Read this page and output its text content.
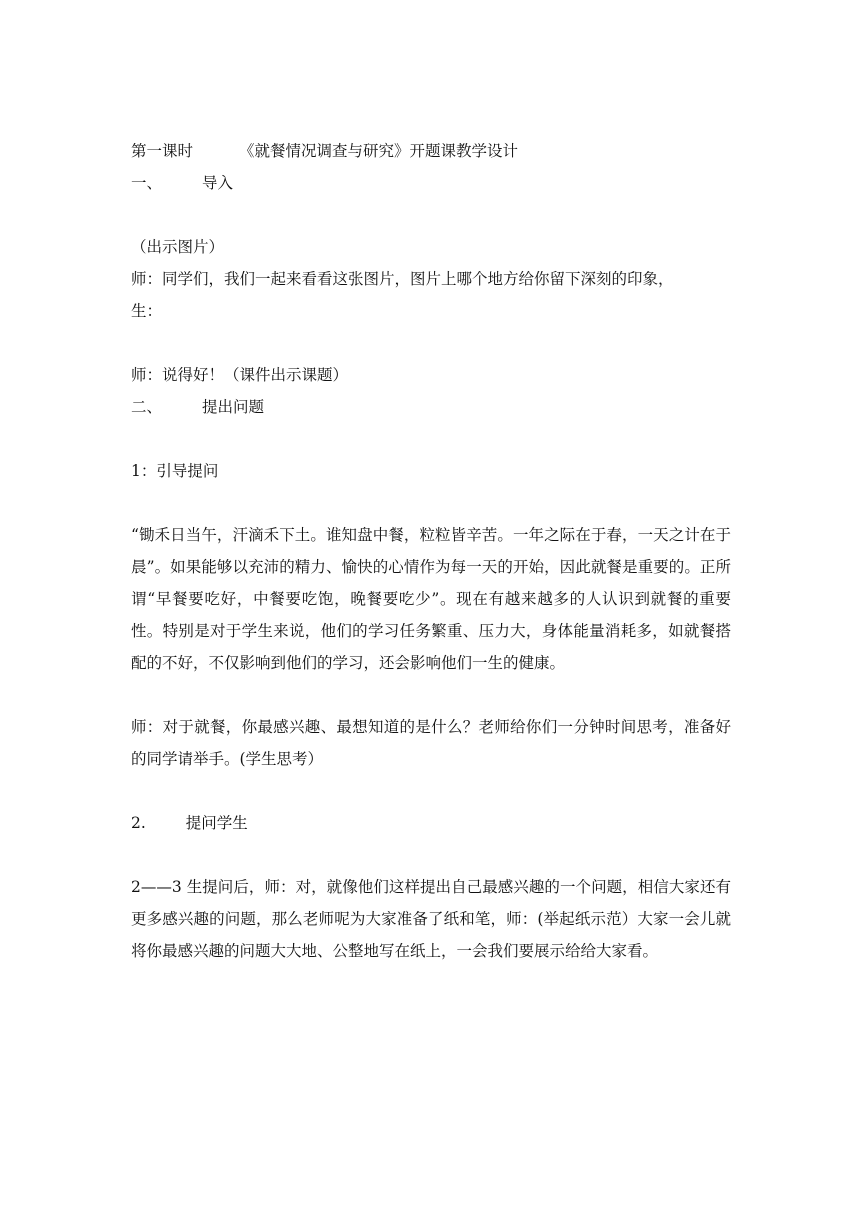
第一课时	《就餐情况调查与研究》开题课教学设计
一、	导入
（出示图片）
师：同学们，我们一起来看看这张图片，图片上哪个地方给你留下深刻的印象，
生：
师：说得好！（课件出示课题）
二、	提出问题
1：引导提问
“锄禾日当午，汗滴禾下土。谁知盘中餐，粒粒皆辛苦。一年之际在于春，一天之计在于晨”。如果能够以充沛的精力、愉快的心情作为每一天的开始，因此就餐是重要的。正所谓“早餐要吃好，中餐要吃饱，晚餐要吃少”。现在有越来越多的人认识到就餐的重要性。特别是对于学生来说，他们的学习任务繁重、压力大，身体能量消耗多，如就餐搭配的不好，不仅影响到他们的学习，还会影响他们一生的健康。
师：对于就餐，你最感兴趣、最想知道的是什么？老师给你们一分钟时间思考，准备好的同学请举手。(学生思考）
2.	提问学生
2——3 生提问后，师：对，就像他们这样提出自己最感兴趣的一个问题，相信大家还有更多感兴趣的问题，那么老师呢为大家准备了纸和笔，师：(举起纸示范）大家一会儿就将你最感兴趣的问题大大地、公整地写在纸上，一会我们要展示给给大家看。
